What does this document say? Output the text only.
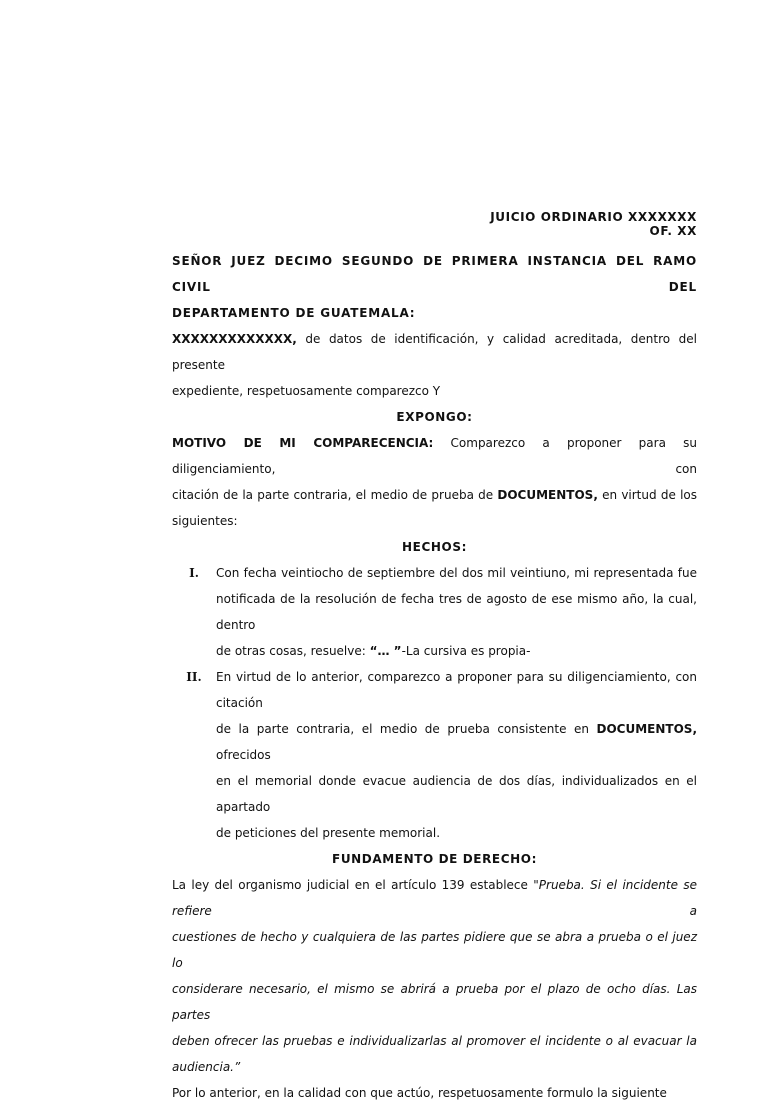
JUICIO ORDINARIO XXXXXXX
OF. XX
SEÑOR JUEZ DECIMO SEGUNDO DE PRIMERA INSTANCIA DEL RAMO CIVIL DEL
DEPARTAMENTO DE GUATEMALA:
XXXXXXXXXXXXX, de datos de identificación, y calidad acreditada, dentro del presente
expediente, respetuosamente comparezco Y
EXPONGO:
MOTIVO DE MI COMPARECENCIA: Comparezco a proponer para su diligenciamiento, con
citación de la parte contraria, el medio de prueba de DOCUMENTOS, en virtud de los
siguientes:
HECHOS:
I.	Con fecha veintiocho de septiembre del dos mil veintiuno, mi representada fue
notificada de la resolución de fecha tres de agosto de ese mismo año, la cual, dentro
de otras cosas, resuelve: “… ”-La cursiva es propia-
II.	En virtud de lo anterior, comparezco a proponer para su diligenciamiento, con citación
de la parte contraria, el medio de prueba consistente en DOCUMENTOS, ofrecidos
en el memorial donde evacue audiencia de dos días, individualizados en el apartado
de peticiones del presente memorial.
FUNDAMENTO DE DERECHO:
La ley del organismo judicial en el artículo 139 establece "Prueba. Si el incidente se refiere a
cuestiones de hecho y cualquiera de las partes pidiere que se abra a prueba o el juez lo
considerare necesario, el mismo se abrirá a prueba por el plazo de ocho días. Las partes
deben ofrecer las pruebas e individualizarlas al promover el incidente o al evacuar la
audiencia.”
Por lo anterior, en la calidad con que actúo, respetuosamente formulo la siguiente
